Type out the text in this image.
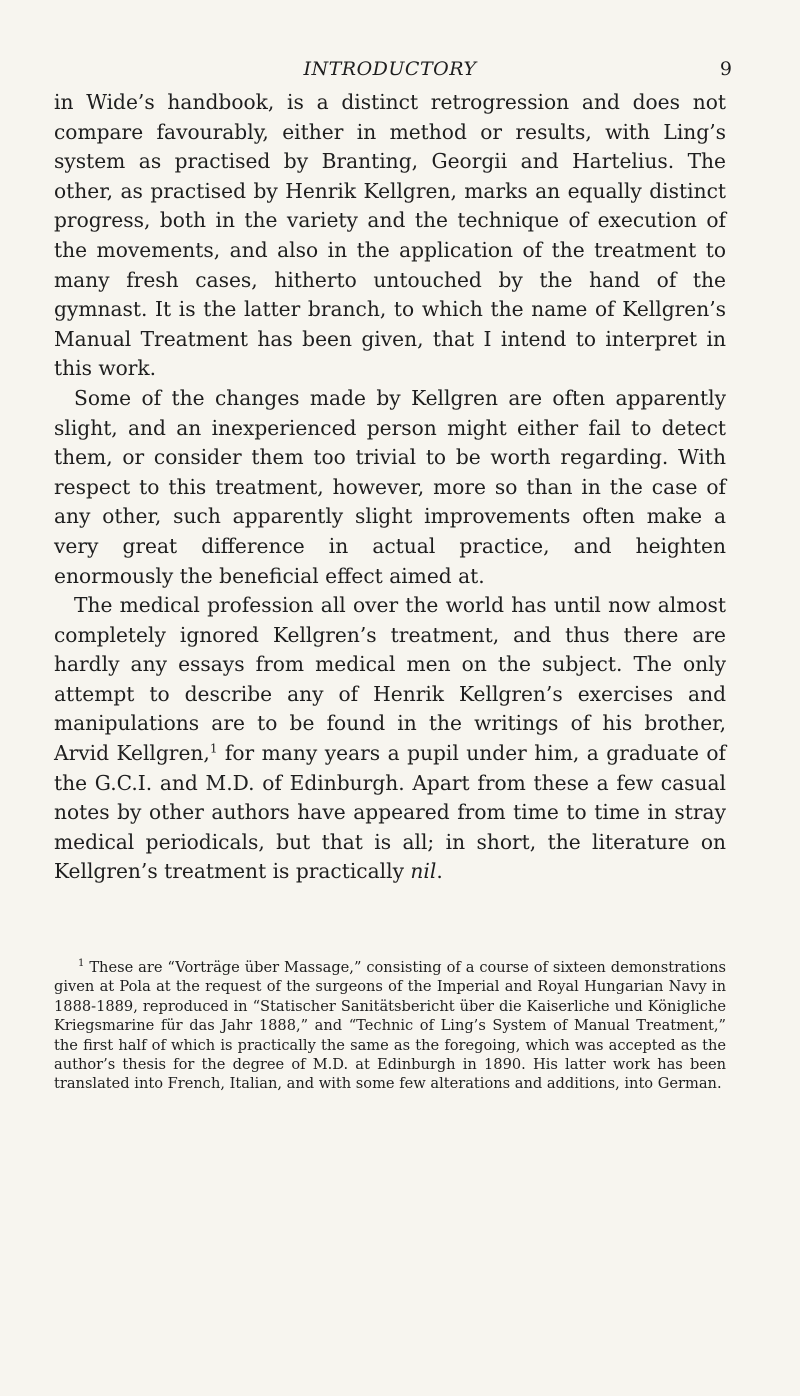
INTRODUCTORY	9

in Wide’s handbook, is a distinct retrogression and does not compare favourably, either in method or results, with Ling’s system as practised by Branting, Georgii and Hartelius. The other, as practised by Henrik Kellgren, marks an equally distinct progress, both in the variety and the technique of execution of the movements, and also in the application of the treatment to many fresh cases, hitherto untouched by the hand of the gymnast. It is the latter branch, to which the name of Kellgren’s Manual Treatment has been given, that I intend to interpret in this work.

Some of the changes made by Kellgren are often apparently slight, and an inexperienced person might either fail to detect them, or consider them too trivial to be worth regarding. With respect to this treatment, however, more so than in the case of any other, such apparently slight improvements often make a very great difference in actual practice, and heighten enormously the beneficial effect aimed at.

The medical profession all over the world has until now almost completely ignored Kellgren’s treatment, and thus there are hardly any essays from medical men on the subject. The only attempt to describe any of Henrik Kellgren’s exercises and manipulations are to be found in the writings of his brother, Arvid Kellgren,$^1$ for many years a pupil under him, a graduate of the G.C.I. and M.D. of Edinburgh. Apart from these a few casual notes by other authors have appeared from time to time in stray medical periodicals, but that is all; in short, the literature on Kellgren’s treatment is practically nil.

$^1$ These are “Vorträge über Massage,” consisting of a course of sixteen demonstrations given at Pola at the request of the surgeons of the Imperial and Royal Hungarian Navy in 1888-1889, reproduced in “Statischer Sanitätsbericht über die Kaiserliche und Königliche Kriegsmarine für das Jahr 1888,” and “Technic of Ling’s System of Manual Treatment,” the first half of which is practically the same as the foregoing, which was accepted as the author’s thesis for the degree of M.D. at Edinburgh in 1890. His latter work has been translated into French, Italian, and with some few alterations and additions, into German.
